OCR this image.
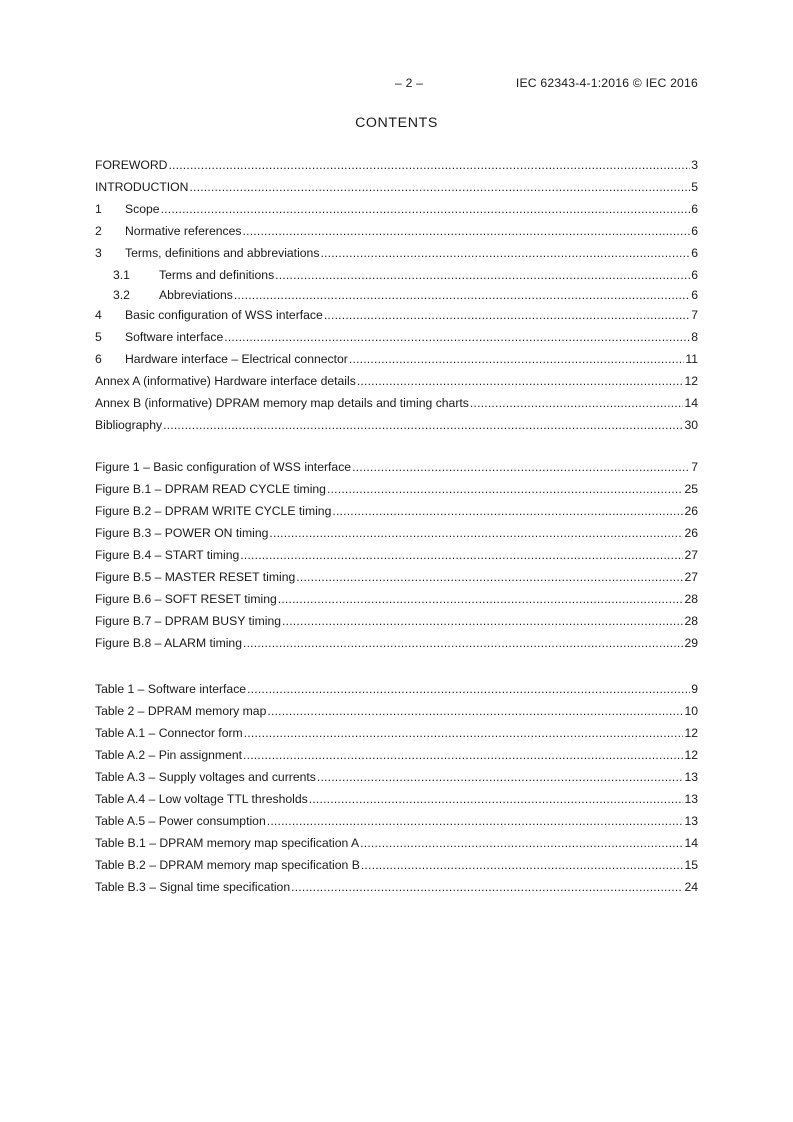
– 2 –	IEC 62343-4-1:2016 © IEC 2016
CONTENTS
FOREWORD .....	3
INTRODUCTION .....	5
1	Scope .....	6
2	Normative references .....	6
3	Terms, definitions and abbreviations .....	6
3.1	Terms and definitions .....	6
3.2	Abbreviations .....	6
4	Basic configuration of WSS interface .....	7
5	Software interface .....	8
6	Hardware interface – Electrical connector .....	11
Annex A (informative) Hardware interface details .....	12
Annex B (informative) DPRAM memory map details and timing charts .....	14
Bibliography .....	30
Figure 1 – Basic configuration of WSS interface .....	7
Figure B.1 – DPRAM READ CYCLE timing .....	25
Figure B.2 – DPRAM WRITE CYCLE timing .....	26
Figure B.3 – POWER ON timing .....	26
Figure B.4 – START timing .....	27
Figure B.5 – MASTER RESET timing .....	27
Figure B.6 – SOFT RESET timing .....	28
Figure B.7 – DPRAM BUSY timing .....	28
Figure B.8 – ALARM timing .....	29
Table 1 – Software interface .....	9
Table 2 – DPRAM memory map .....	10
Table A.1 – Connector form .....	12
Table A.2 – Pin assignment .....	12
Table A.3 – Supply voltages and currents .....	13
Table A.4 – Low voltage TTL thresholds .....	13
Table A.5 – Power consumption .....	13
Table B.1 – DPRAM memory map specification A .....	14
Table B.2 – DPRAM memory map specification B .....	15
Table B.3 – Signal time specification .....	24
